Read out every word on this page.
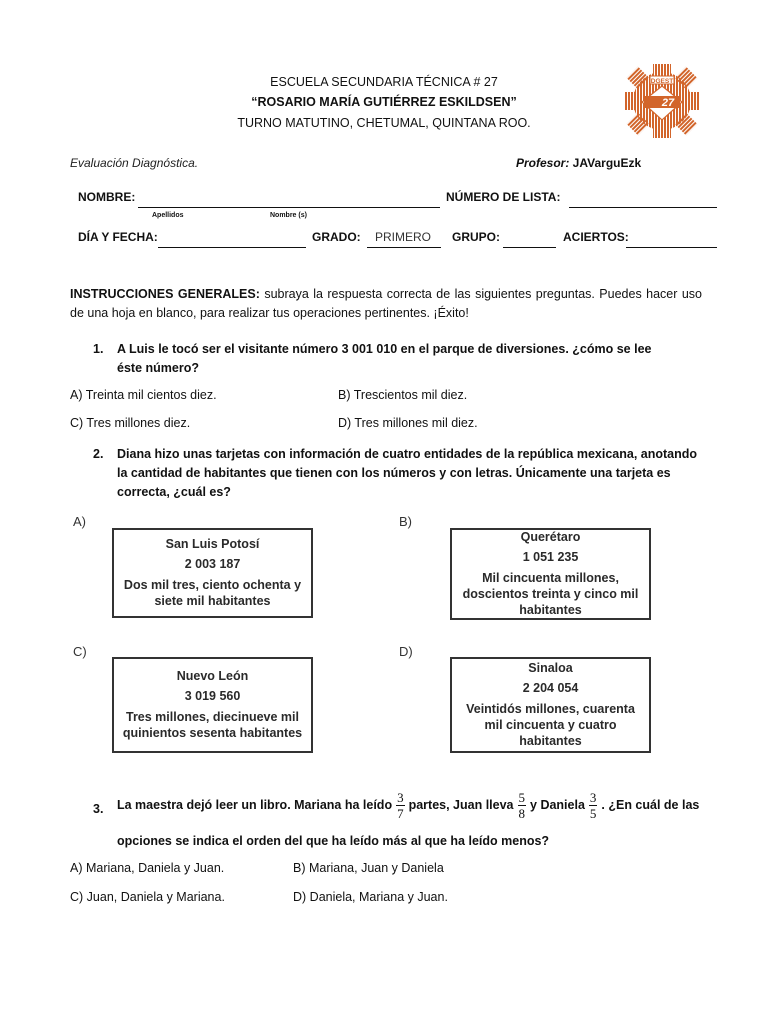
ESCUELA SECUNDARIA TÉCNICA # 27
“ROSARIO MARÍA GUTIÉRREZ ESKILDSEN”
TURNO MATUTINO, CHETUMAL, QUINTANA ROO.
DGEST
27
Evaluación Diagnóstica.	Profesor: JAVarguEzk
NOMBRE:	NÚMERO DE LISTA:
Apellidos	Nombre (s)
DÍA Y FECHA:	GRADO: PRIMERO GRUPO:	ACIERTOS:
INSTRUCCIONES GENERALES: subraya la respuesta correcta de las siguientes preguntas. Puedes hacer uso de una hoja en blanco, para realizar tus operaciones pertinentes. ¡Éxito!
1. A Luis le tocó ser el visitante número 3 001 010 en el parque de diversiones. ¿cómo se lee éste número?
A) Treinta mil cientos diez.	B) Trescientos mil diez.
C) Tres millones diez.	D) Tres millones mil diez.
2. Diana hizo unas tarjetas con información de cuatro entidades de la república mexicana, anotando la cantidad de habitantes que tienen con los números y con letras. Únicamente una tarjeta es correcta, ¿cuál es?
A)
San Luis Potosí
2 003 187
Dos mil tres, ciento ochenta y siete mil habitantes
B)
Querétaro
1 051 235
Mil cincuenta millones, doscientos treinta y cinco mil habitantes
C)
Nuevo León
3 019 560
Tres millones, diecinueve mil quinientos sesenta habitantes
D)
Sinaloa
2 204 054
Veintidós millones, cuarenta mil cincuenta y cuatro habitantes
3. La maestra dejó leer un libro. Mariana ha leído $\frac{3}{7}$ partes, Juan lleva $\frac{5}{8}$ y Daniela $\frac{3}{5}$ . ¿En cuál de las
opciones se indica el orden del que ha leído más al que ha leído menos?
A) Mariana, Daniela y Juan.	B) Mariana, Juan y Daniela
C) Juan, Daniela y Mariana.	D) Daniela, Mariana y Juan.
